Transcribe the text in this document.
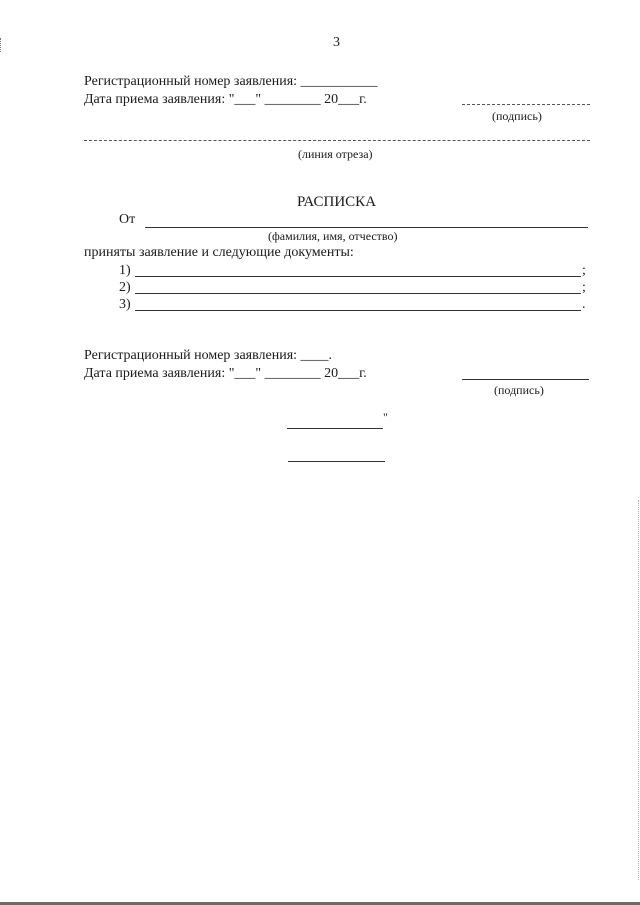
3
Регистрационный номер заявления: ___________
Дата приема заявления: "___" ________ 20___г.
(подпись)
(линия отреза)
РАСПИСКА
От
(фамилия, имя, отчество)
приняты заявление и следующие документы:
1)	;
2)	;
3)	.
Регистрационный номер заявления: ____.
Дата приема заявления: "___" ________ 20___г.
(подпись)
"
